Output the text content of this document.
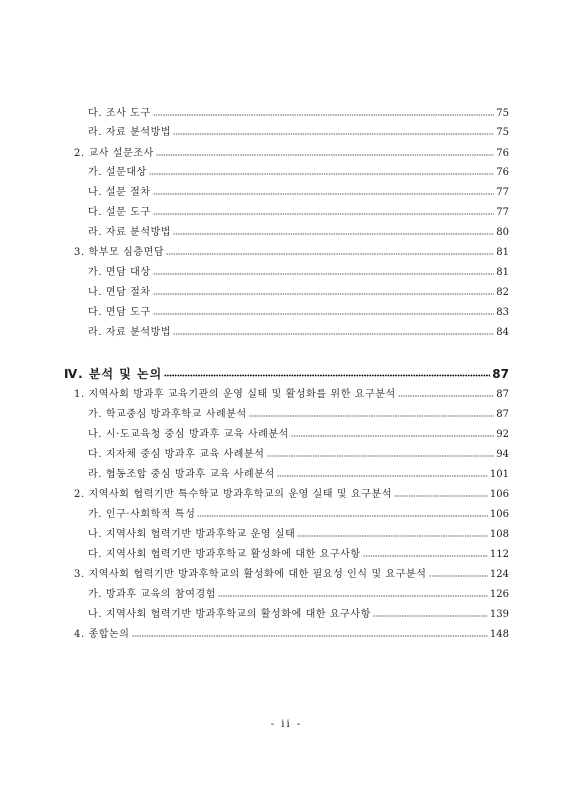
다. 조사 도구	75
라. 자료 분석방법	75
2. 교사 설문조사	76
가. 설문대상	76
나. 설문 절차	77
다. 설문 도구	77
라. 자료 분석방법	80
3. 학부모 심층면담	81
가. 면담 대상	81
나. 면담 절차	82
다. 면담 도구	83
라. 자료 분석방법	84
Ⅳ. 분석 및 논의	87
1. 지역사회 방과후 교육기관의 운영 실태 및 활성화를 위한 요구분석	87
가. 학교중심 방과후학교 사례분석	87
나. 시·도교육청 중심 방과후 교육 사례분석	92
다. 지자체 중심 방과후 교육 사례분석	94
라. 협동조합 중심 방과후 교육 사례분석	101
2. 지역사회 협력기반 특수학교 방과후학교의 운영 실태 및 요구분석	106
가. 인구·사회학적 특성	106
나. 지역사회 협력기반 방과후학교 운영 실태	108
다. 지역사회 협력기반 방과후학교 활성화에 대한 요구사항	112
3. 지역사회 협력기반 방과후학교의 활성화에 대한 필요성 인식 및 요구분석	124
가. 방과후 교육의 참여경험	126
나. 지역사회 협력기반 방과후학교의 활성화에 대한 요구사항	139
4. 종합논의	148
- ii -
